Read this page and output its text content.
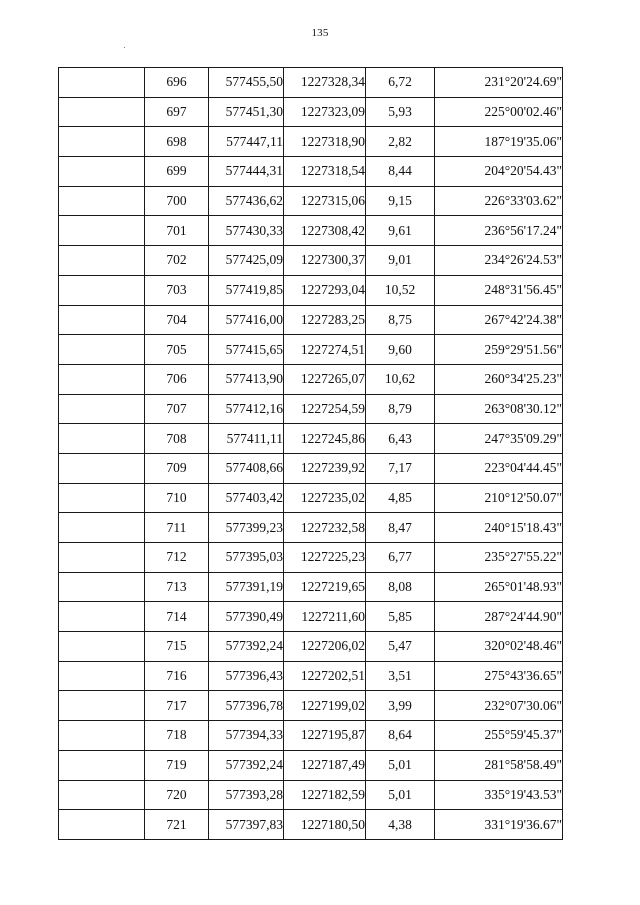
135
	696	577455,50	1227328,34	6,72	231°20'24.69"
	697	577451,30	1227323,09	5,93	225°00'02.46"
	698	577447,11	1227318,90	2,82	187°19'35.06"
	699	577444,31	1227318,54	8,44	204°20'54.43"
	700	577436,62	1227315,06	9,15	226°33'03.62"
	701	577430,33	1227308,42	9,61	236°56'17.24"
	702	577425,09	1227300,37	9,01	234°26'24.53"
	703	577419,85	1227293,04	10,52	248°31'56.45"
	704	577416,00	1227283,25	8,75	267°42'24.38"
	705	577415,65	1227274,51	9,60	259°29'51.56"
	706	577413,90	1227265,07	10,62	260°34'25.23"
	707	577412,16	1227254,59	8,79	263°08'30.12"
	708	577411,11	1227245,86	6,43	247°35'09.29"
	709	577408,66	1227239,92	7,17	223°04'44.45"
	710	577403,42	1227235,02	4,85	210°12'50.07"
	711	577399,23	1227232,58	8,47	240°15'18.43"
	712	577395,03	1227225,23	6,77	235°27'55.22"
	713	577391,19	1227219,65	8,08	265°01'48.93"
	714	577390,49	1227211,60	5,85	287°24'44.90"
	715	577392,24	1227206,02	5,47	320°02'48.46"
	716	577396,43	1227202,51	3,51	275°43'36.65"
	717	577396,78	1227199,02	3,99	232°07'30.06"
	718	577394,33	1227195,87	8,64	255°59'45.37"
	719	577392,24	1227187,49	5,01	281°58'58.49"
	720	577393,28	1227182,59	5,01	335°19'43.53"
	721	577397,83	1227180,50	4,38	331°19'36.67"
